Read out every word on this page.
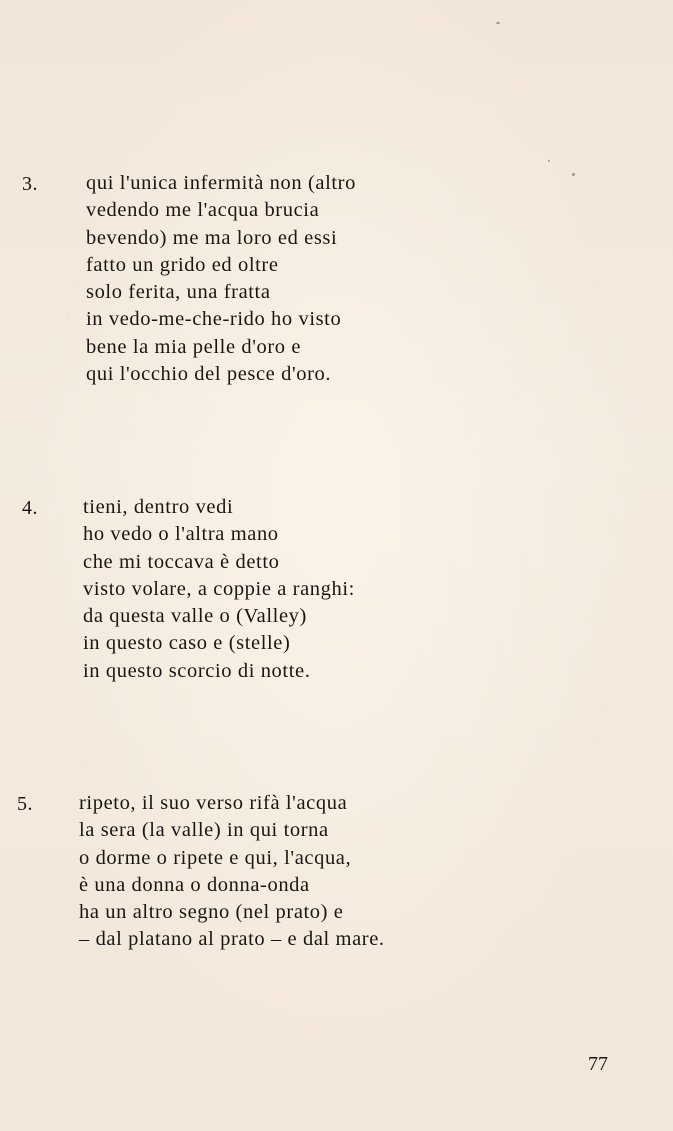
3. qui l'unica infermità non (altro
vedendo me l'acqua brucia
bevendo) me ma loro ed essi
fatto un grido ed oltre
solo ferita, una fratta
in vedo-me-che-rido ho visto
bene la mia pelle d'oro e
qui l'occhio del pesce d'oro.
4. tieni, dentro vedi
ho vedo o l'altra mano
che mi toccava è detto
visto volare, a coppie a ranghi:
da questa valle o (Valley)
in questo caso e (stelle)
in questo scorcio di notte.
5. ripeto, il suo verso rifà l'acqua
la sera (la valle) in qui torna
o dorme o ripete e qui, l'acqua,
è una donna o donna-onda
ha un altro segno (nel prato) e
– dal platano al prato – e dal mare.
77
